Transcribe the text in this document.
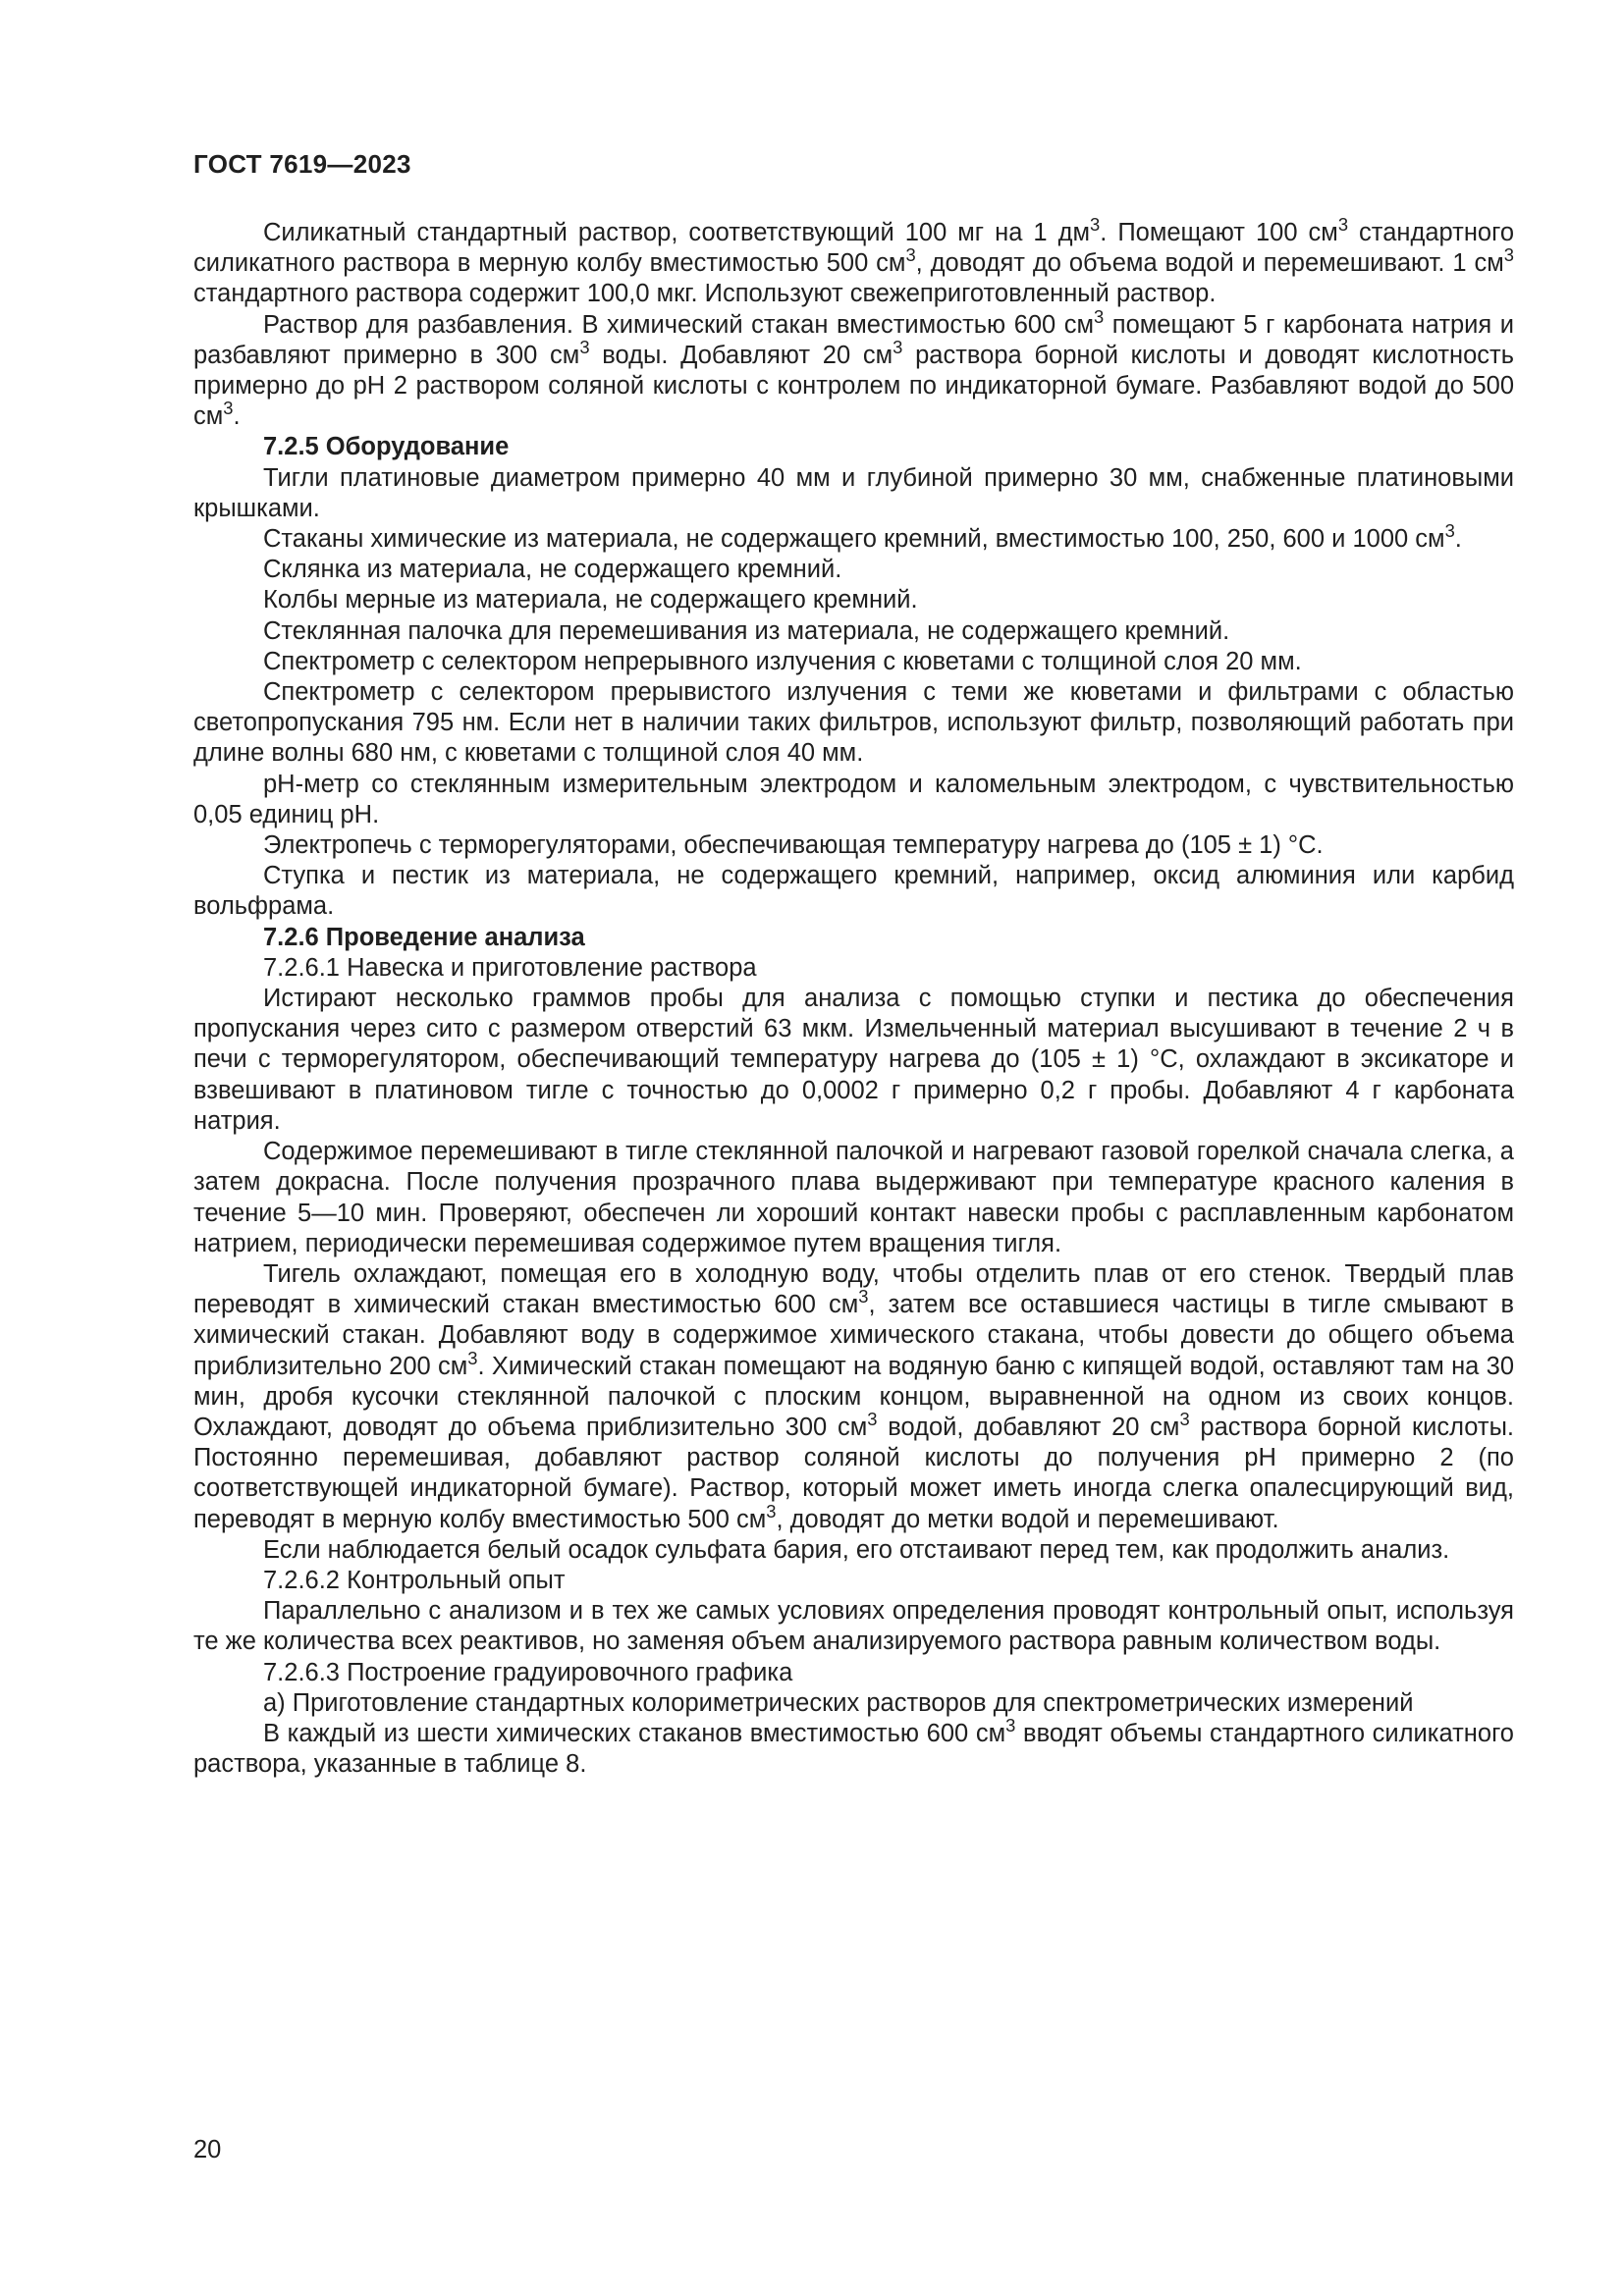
ГОСТ 7619—2023

Силикатный стандартный раствор, соответствующий 100 мг на 1 $дм^3$. Помещают 100 $см^3$ стандартного силикатного раствора в мерную колбу вместимостью 500 $см^3$, доводят до объема водой и перемешивают. 1 $см^3$ стандартного раствора содержит 100,0 мкг. Используют свежеприготовленный раствор.

Раствор для разбавления. В химический стакан вместимостью 600 $см^3$ помещают 5 г карбоната натрия и разбавляют примерно в 300 $см^3$ воды. Добавляют 20 $см^3$ раствора борной кислоты и доводят кислотность примерно до pH 2 раствором соляной кислоты с контролем по индикаторной бумаге. Разбавляют водой до 500 $см^3$.

7.2.5 Оборудование

Тигли платиновые диаметром примерно 40 мм и глубиной примерно 30 мм, снабженные платиновыми крышками.

Стаканы химические из материала, не содержащего кремний, вместимостью 100, 250, 600 и 1000 $см^3$.

Склянка из материала, не содержащего кремний.

Колбы мерные из материала, не содержащего кремний.

Стеклянная палочка для перемешивания из материала, не содержащего кремний.

Спектрометр с селектором непрерывного излучения с кюветами с толщиной слоя 20 мм.

Спектрометр с селектором прерывистого излучения с теми же кюветами и фильтрами с областью светопропускания 795 нм. Если нет в наличии таких фильтров, используют фильтр, позволяющий работать при длине волны 680 нм, с кюветами с толщиной слоя 40 мм.

pH-метр со стеклянным измерительным электродом и каломельным электродом, с чувствительностью 0,05 единиц pH.

Электропечь с терморегуляторами, обеспечивающая температуру нагрева до (105 ± 1) °C.

Ступка и пестик из материала, не содержащего кремний, например, оксид алюминия или карбид вольфрама.

7.2.6 Проведение анализа

7.2.6.1 Навеска и приготовление раствора

Истирают несколько граммов пробы для анализа с помощью ступки и пестика до обеспечения пропускания через сито с размером отверстий 63 мкм. Измельченный материал высушивают в течение 2 ч в печи с терморегулятором, обеспечивающий температуру нагрева до (105 ± 1) °C, охлаждают в эксикаторе и взвешивают в платиновом тигле с точностью до 0,0002 г примерно 0,2 г пробы. Добавляют 4 г карбоната натрия.

Содержимое перемешивают в тигле стеклянной палочкой и нагревают газовой горелкой сначала слегка, а затем докрасна. После получения прозрачного плава выдерживают при температуре красного каления в течение 5—10 мин. Проверяют, обеспечен ли хороший контакт навески пробы с расплавленным карбонатом натрием, периодически перемешивая содержимое путем вращения тигля.

Тигель охлаждают, помещая его в холодную воду, чтобы отделить плав от его стенок. Твердый плав переводят в химический стакан вместимостью 600 $см^3$, затем все оставшиеся частицы в тигле смывают в химический стакан. Добавляют воду в содержимое химического стакана, чтобы довести до общего объема приблизительно 200 $см^3$. Химический стакан помещают на водяную баню с кипящей водой, оставляют там на 30 мин, дробя кусочки стеклянной палочкой с плоским концом, выравненной на одном из своих концов. Охлаждают, доводят до объема приблизительно 300 $см^3$ водой, добавляют 20 $см^3$ раствора борной кислоты. Постоянно перемешивая, добавляют раствор соляной кислоты до получения pH примерно 2 (по соответствующей индикаторной бумаге). Раствор, который может иметь иногда слегка опалесцирующий вид, переводят в мерную колбу вместимостью 500 $см^3$, доводят до метки водой и перемешивают.

Если наблюдается белый осадок сульфата бария, его отстаивают перед тем, как продолжить анализ.

7.2.6.2 Контрольный опыт

Параллельно с анализом и в тех же самых условиях определения проводят контрольный опыт, используя те же количества всех реактивов, но заменяя объем анализируемого раствора равным количеством воды.

7.2.6.3 Построение градуировочного графика

а) Приготовление стандартных колориметрических растворов для спектрометрических измерений

В каждый из шести химических стаканов вместимостью 600 $см^3$ вводят объемы стандартного силикатного раствора, указанные в таблице 8.

20
